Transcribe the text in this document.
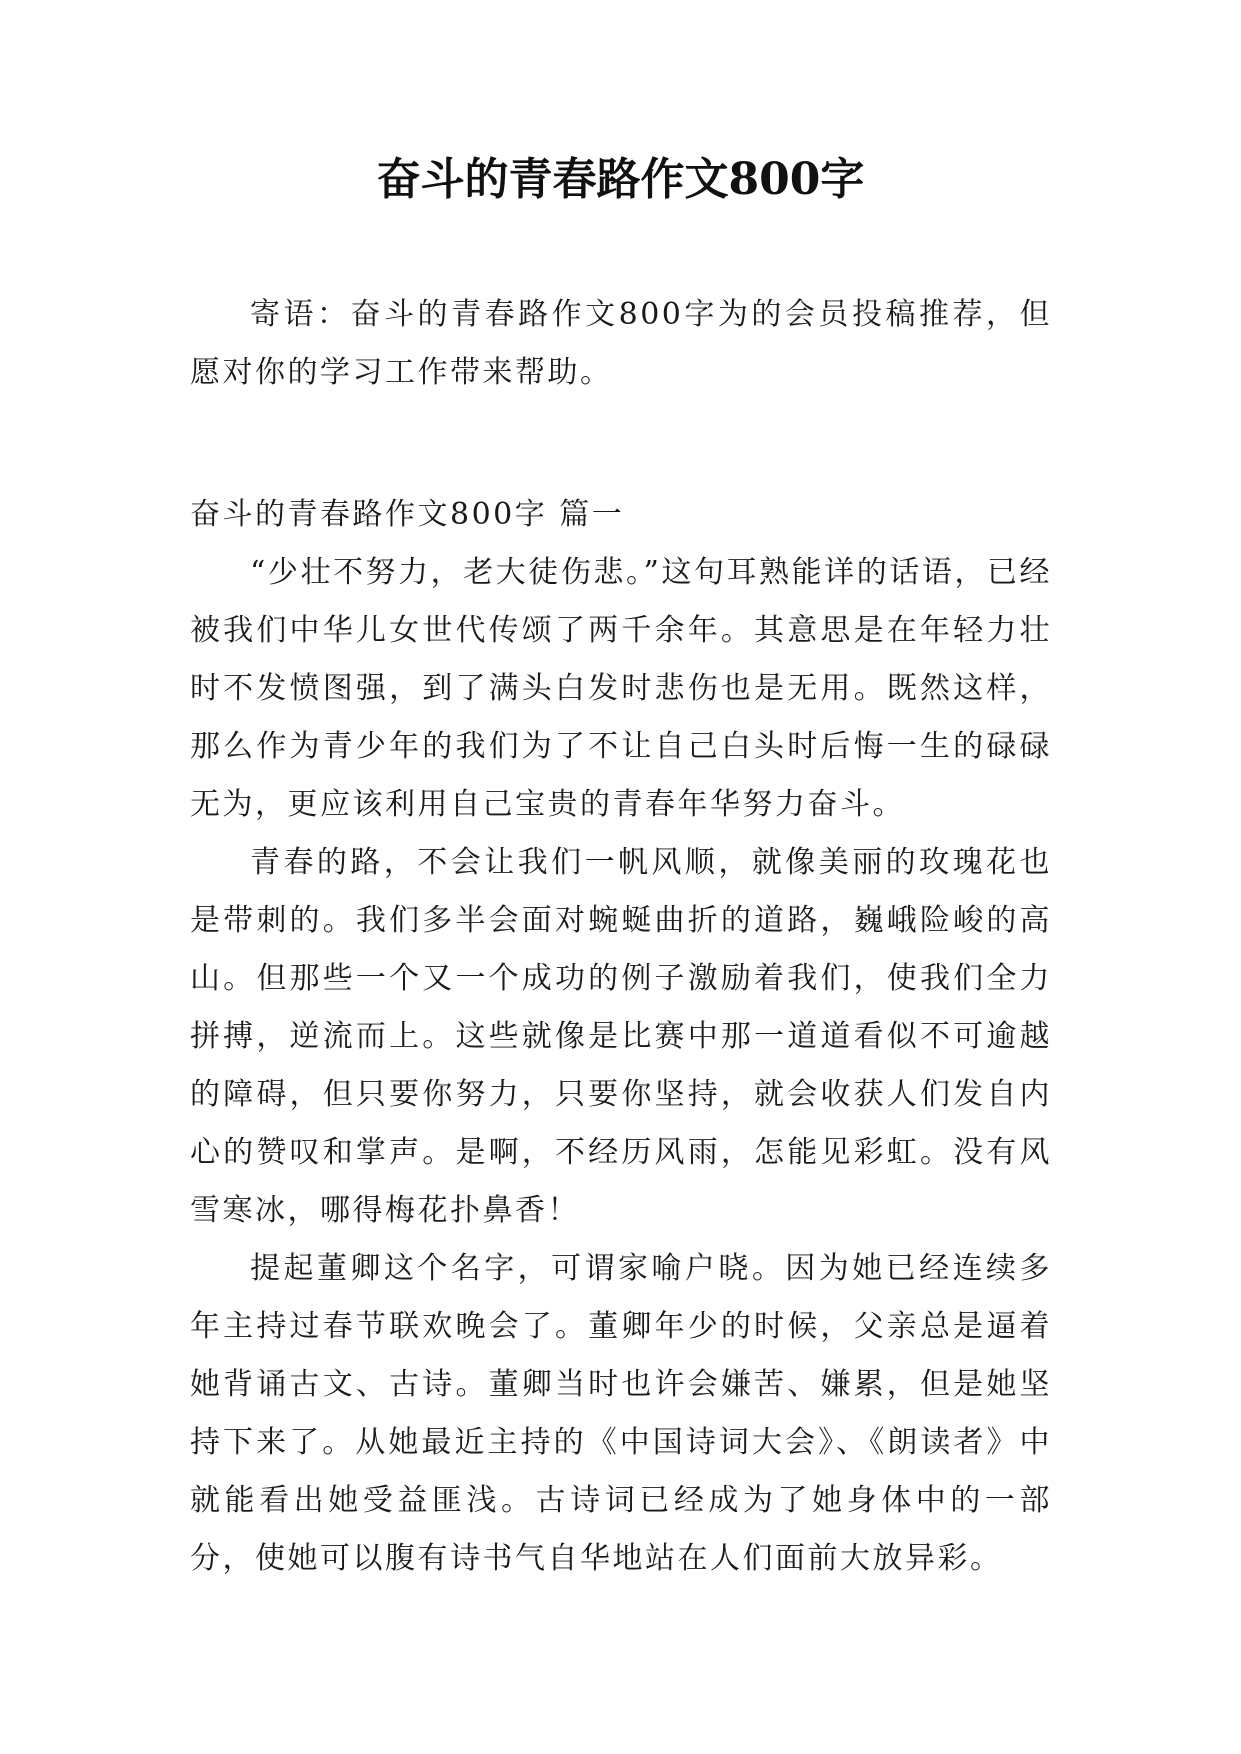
奋斗的青春路作文800字

寄语：奋斗的青春路作文800字为的会员投稿推荐，但愿对你的学习工作带来帮助。

奋斗的青春路作文800字 篇一

“少壮不努力，老大徒伤悲。”这句耳熟能详的话语，已经被我们中华儿女世代传颂了两千余年。其意思是在年轻力壮时不发愤图强，到了满头白发时悲伤也是无用。既然这样，那么作为青少年的我们为了不让自己白头时后悔一生的碌碌无为，更应该利用自己宝贵的青春年华努力奋斗。

青春的路，不会让我们一帆风顺，就像美丽的玫瑰花也是带刺的。我们多半会面对蜿蜒曲折的道路，巍峨险峻的高山。但那些一个又一个成功的例子激励着我们，使我们全力拼搏，逆流而上。这些就像是比赛中那一道道看似不可逾越的障碍，但只要你努力，只要你坚持，就会收获人们发自内心的赞叹和掌声。是啊，不经历风雨，怎能见彩虹。没有风雪寒冰，哪得梅花扑鼻香！

提起董卿这个名字，可谓家喻户晓。因为她已经连续多年主持过春节联欢晚会了。董卿年少的时候，父亲总是逼着她背诵古文、古诗。董卿当时也许会嫌苦、嫌累，但是她坚持下来了。从她最近主持的《中国诗词大会》、《朗读者》中就能看出她受益匪浅。古诗词已经成为了她身体中的一部分，使她可以腹有诗书气自华地站在人们面前大放异彩。
